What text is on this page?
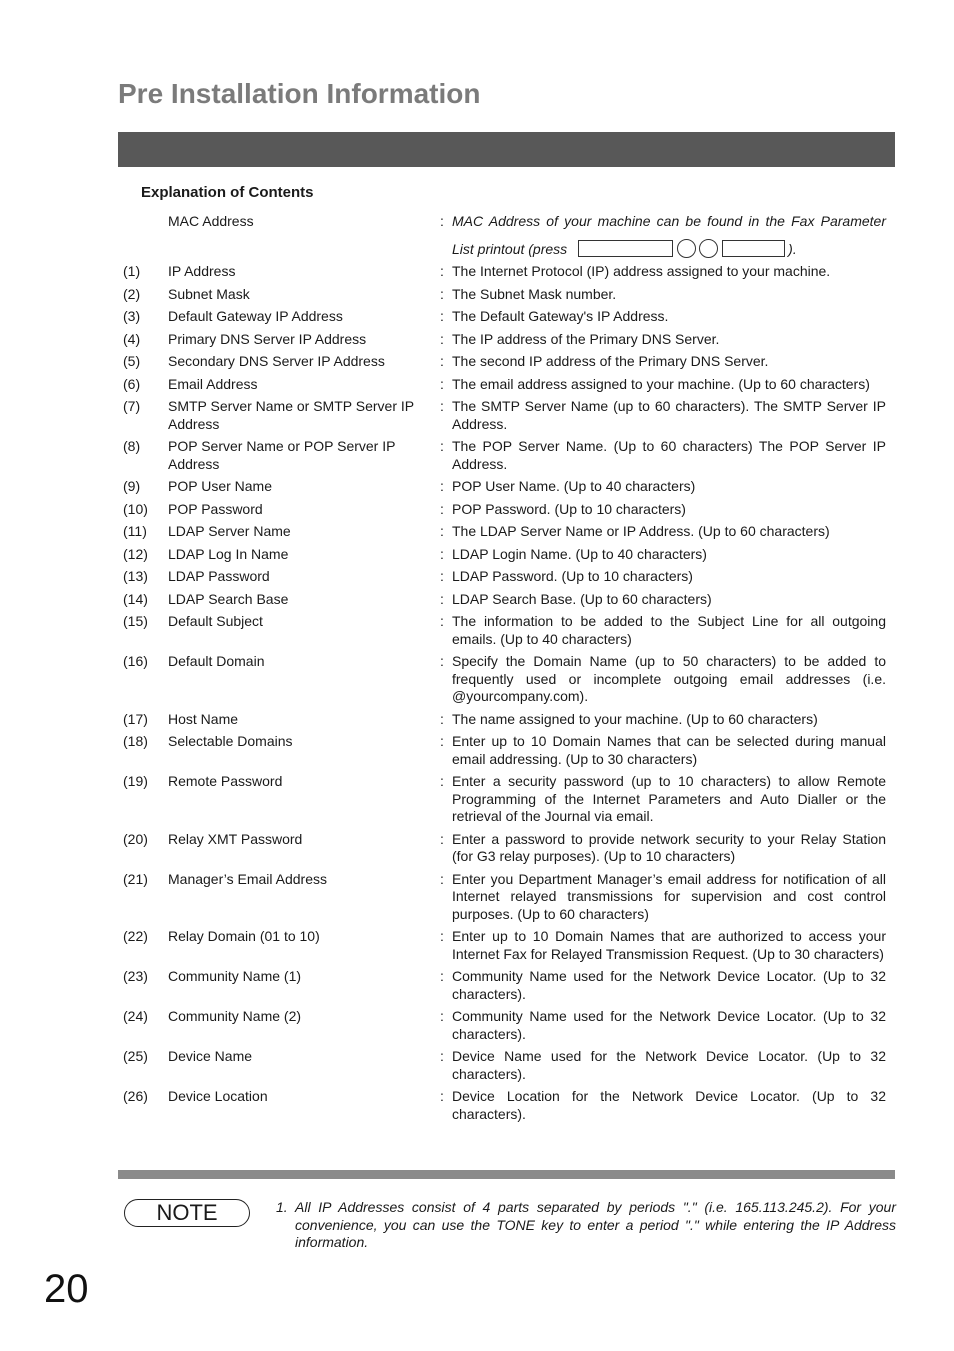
Pre Installation Information
Explanation of Contents
MAC Address	: MAC Address of your machine can be found in the Fax Parameter
List printout (press	).
(1) IP Address	: The Internet Protocol (IP) address assigned to your machine.
(2) Subnet Mask	: The Subnet Mask number.
(3) Default Gateway IP Address	: The Default Gateway's IP Address.
(4) Primary DNS Server IP Address	: The IP address of the Primary DNS Server.
(5) Secondary DNS Server IP Address	: The second IP address of the Primary DNS Server.
(6) Email Address	: The email address assigned to your machine. (Up to 60 characters)
(7) SMTP Server Name or SMTP Server IP Address
: The SMTP Server Name (up to 60 characters). The SMTP Server IP Address.
(8) POP Server Name or POP Server IP Address
: The POP Server Name. (Up to 60 characters) The POP Server IP Address.
(9) POP User Name	: POP User Name. (Up to 40 characters)
(10) POP Password	: POP Password. (Up to 10 characters)
(11) LDAP Server Name	: The LDAP Server Name or IP Address. (Up to 60 characters)
(12) LDAP Log In Name	: LDAP Login Name. (Up to 40 characters)
(13) LDAP Password	: LDAP Password. (Up to 10 characters)
(14) LDAP Search Base	: LDAP Search Base. (Up to 60 characters)
(15) Default Subject	: The information to be added to the Subject Line for all outgoing emails. (Up to 40 characters)
(16) Default Domain	: Specify the Domain Name (up to 50 characters) to be added to frequently used or incomplete outgoing email addresses (i.e. @yourcompany.com).
(17) Host Name	: The name assigned to your machine. (Up to 60 characters)
(18) Selectable Domains	: Enter up to 10 Domain Names that can be selected during manual email addressing. (Up to 30 characters)
(19) Remote Password	: Enter a security password (up to 10 characters) to allow Remote Programming of the Internet Parameters and Auto Dialler or the retrieval of the Journal via email.
(20) Relay XMT Password	: Enter a password to provide network security to your Relay Station (for G3 relay purposes). (Up to 10 characters)
(21) Manager’s Email Address	: Enter you Department Manager’s email address for notification of all Internet relayed transmissions for supervision and cost control purposes. (Up to 60 characters)
(22) Relay Domain (01 to 10)	: Enter up to 10 Domain Names that are authorized to access your Internet Fax for Relayed Transmission Request. (Up to 30 characters)
(23) Community Name (1)	: Community Name used for the Network Device Locator. (Up to 32 characters).
(24) Community Name (2)	: Community Name used for the Network Device Locator. (Up to 32 characters).
(25) Device Name	: Device Name used for the Network Device Locator. (Up to 32 characters).
(26) Device Location	: Device Location for the Network Device Locator. (Up to 32 characters).
NOTE	1. All IP Addresses consist of 4 parts separated by periods "." (i.e. 165.113.245.2). For your convenience, you can use the TONE key to enter a period "." while entering the IP Address information.
20
